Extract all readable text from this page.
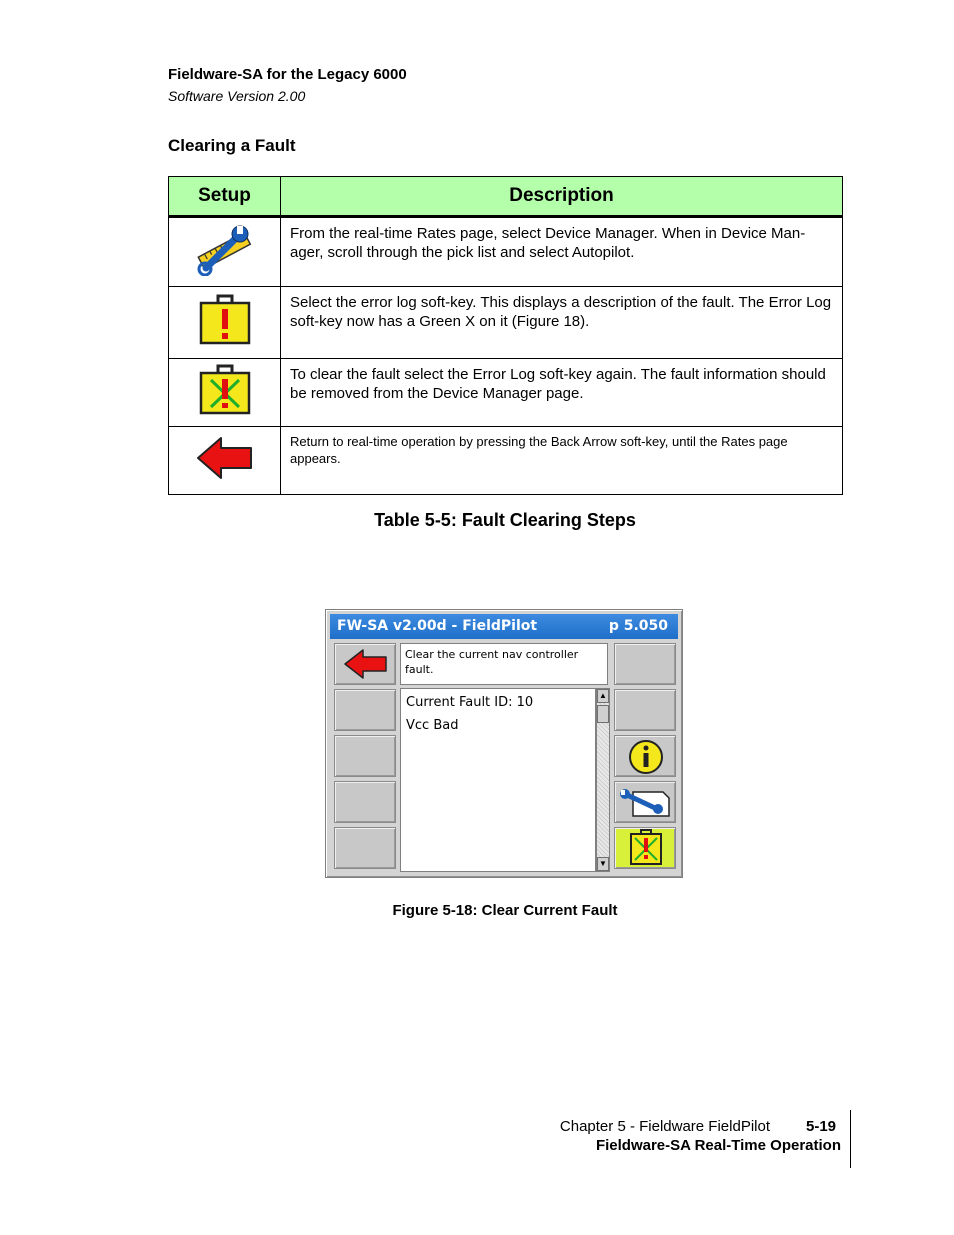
Fieldware-SA for the Legacy 6000
Software Version 2.00
Clearing a Fault
Setup	Description
	From the real-time Rates page, select Device Manager. When in Device Man-ager, scroll through the pick list and select Autopilot.
	Select the error log soft-key. This displays a description of the fault. The Error Log soft-key now has a Green X on it (Figure 18).
	To clear the fault select the Error Log soft-key again. The fault information should be removed from the Device Manager page.
	Return to real-time operation by pressing the Back Arrow soft-key, until the Rates page appears.
Table 5-5: Fault Clearing Steps
FW-SA v2.00d - FieldPilot	p 5.050
Clear the current nav controller fault.
Current Fault ID: 10
Vcc Bad
▲
▼
Figure 5-18: Clear Current Fault
Chapter 5 - Fieldware FieldPilot 5-19
Fieldware-SA Real-Time Operation
